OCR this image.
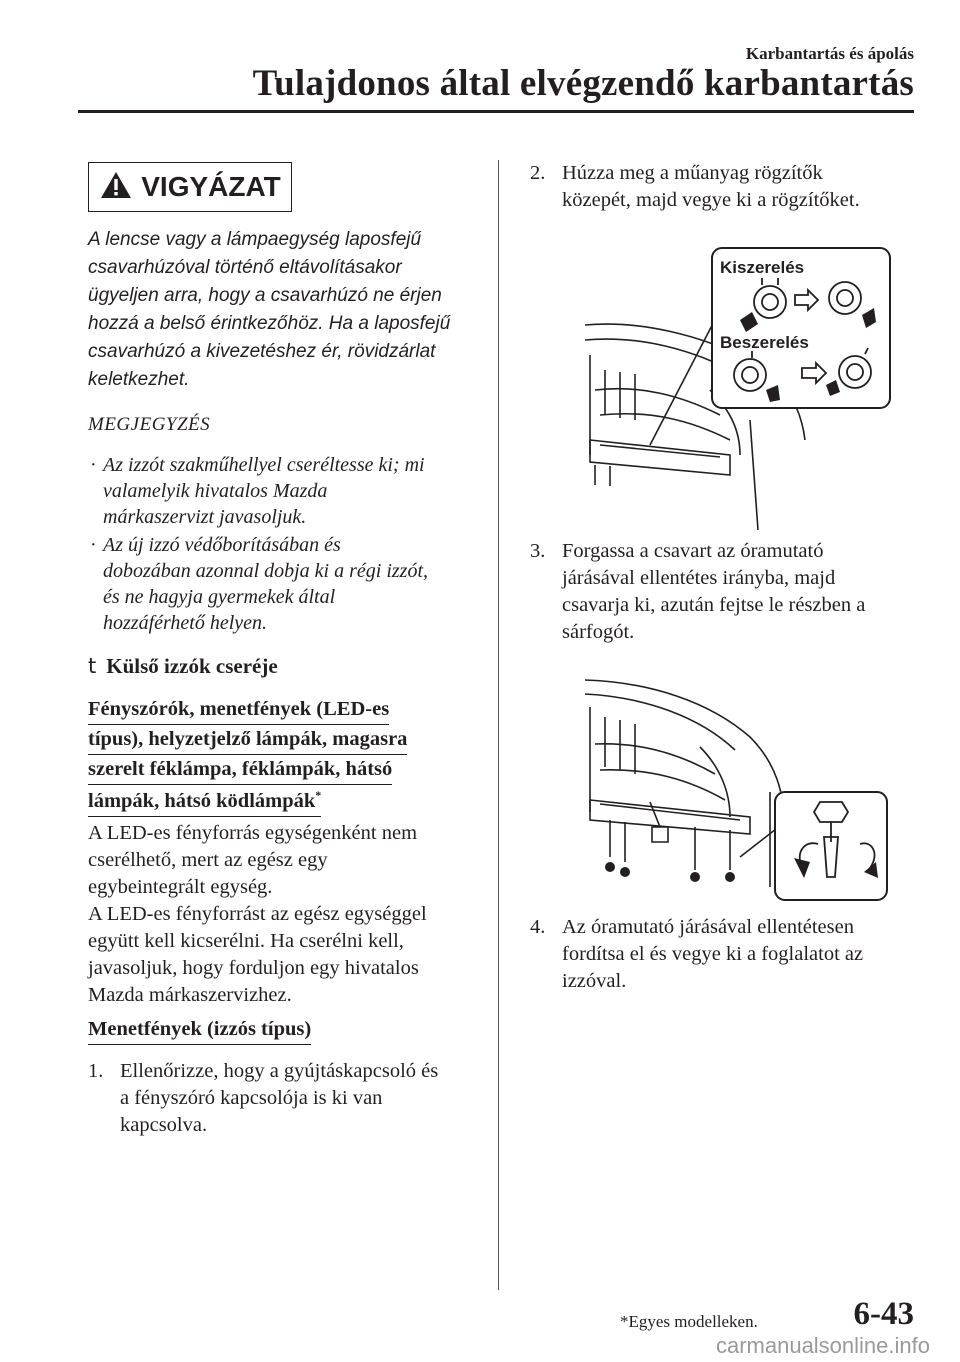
Karbantartás és ápolás
Tulajdonos által elvégzendő karbantartás
VIGYÁZAT
A lencse vagy a lámpaegység laposfejű
csavarhúzóval történő eltávolításakor
ügyeljen arra, hogy a csavarhúzó ne érjen
hozzá a belső érintkezőhöz. Ha a laposfejű
csavarhúzó a kivezetéshez ér, rövidzárlat
keletkezhet.
MEGJEGYZÉS
· Az izzót szakműhellyel cseréltesse ki; mi
valamelyik hivatalos Mazda
márkaszervizt javasoljuk.
· Az új izzó védőborításában és
dobozában azonnal dobja ki a régi izzót,
és ne hagyja gyermekek által
hozzáférhető helyen.
t Külső izzók cseréje
Fényszórók, menetfények (LED-es
típus), helyzetjelző lámpák, magasra
szerelt féklámpa, féklámpák, hátsó
lámpák, hátsó ködlámpák*
A LED-es fényforrás egységenként nem
cserélhető, mert az egész egy
egybeintegrált egység.
A LED-es fényforrást az egész egységgel
együtt kell kicserélni. Ha cserélni kell,
javasoljuk, hogy forduljon egy hivatalos
Mazda márkaszervizhez.
Menetfények (izzós típus)
1. Ellenőrizze, hogy a gyújtáskapcsoló és
a fényszóró kapcsolója is ki van
kapcsolva.
2. Húzza meg a műanyag rögzítők
közepét, majd vegye ki a rögzítőket.
Kiszerelés
Beszerelés
3. Forgassa a csavart az óramutató
járásával ellentétes irányba, majd
csavarja ki, azután fejtse le részben a
sárfogót.
4. Az óramutató járásával ellentétesen
fordítsa el és vegye ki a foglalatot az
izzóval.
*Egyes modelleken.	6-43
carmanualsonline.info
